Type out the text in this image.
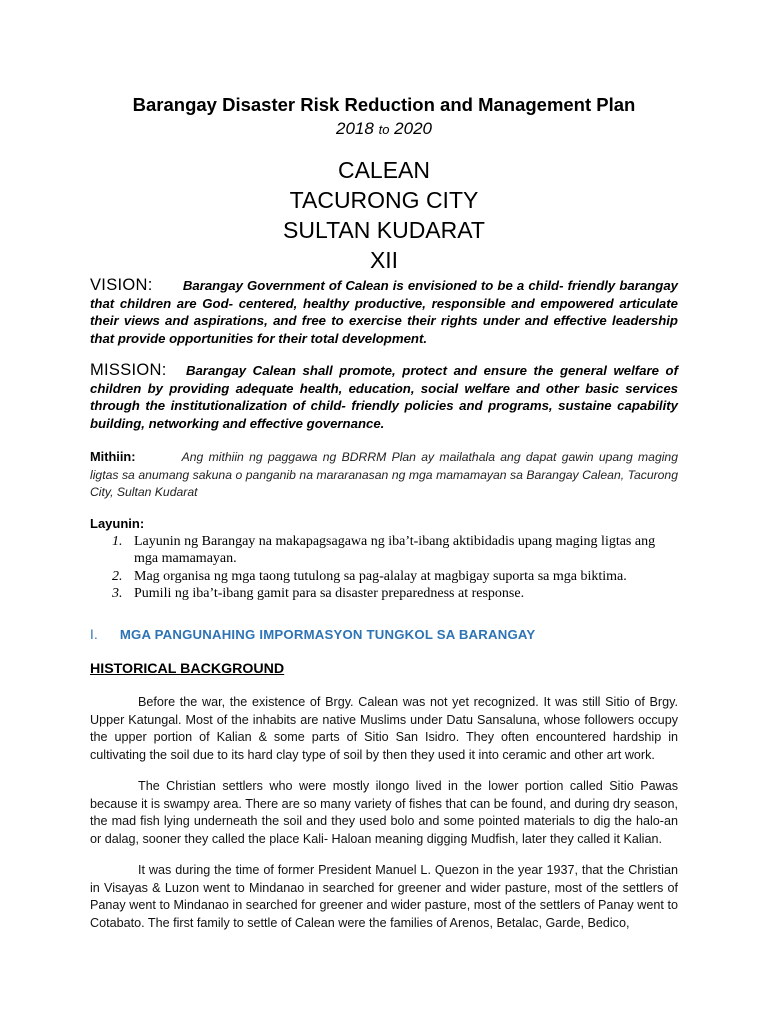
Barangay Disaster Risk Reduction and Management Plan
2018 to 2020
CALEAN
TACURONG CITY
SULTAN KUDARAT
XII
VISION: Barangay Government of Calean is envisioned to be a child- friendly barangay that children are God- centered, healthy productive, responsible and empowered articulate their views and aspirations, and free to exercise their rights under and effective leadership that provide opportunities for their total development.
MISSION: Barangay Calean shall promote, protect and ensure the general welfare of children by providing adequate health, education, social welfare and other basic services through the institutionalization of child- friendly policies and programs, sustaine capability building, networking and effective governance.
Mithiin:	Ang mithiin ng paggawa ng BDRRM Plan ay mailathala ang dapat gawin upang maging ligtas sa anumang sakuna o panganib na mararanasan ng mga mamamayan sa Barangay Calean, Tacurong City, Sultan Kudarat
Layunin:
1. Layunin ng Barangay na makapagsagawa ng iba’t-ibang aktibidadis upang maging ligtas ang mga mamamayan.
2. Mag organisa ng mga taong tutulong sa pag-alalay at magbigay suporta sa mga biktima.
3. Pumili ng iba’t-ibang gamit para sa disaster preparedness at response.
I. MGA PANGUNAHING IMPORMASYON TUNGKOL SA BARANGAY
HISTORICAL BACKGROUND
Before the war, the existence of Brgy. Calean was not yet recognized. It was still Sitio of Brgy. Upper Katungal. Most of the inhabits are native Muslims under Datu Sansaluna, whose followers occupy the upper portion of Kalian & some parts of Sitio San Isidro. They often encountered hardship in cultivating the soil due to its hard clay type of soil by then they used it into ceramic and other art work.
The Christian settlers who were mostly ilongo lived in the lower portion called Sitio Pawas because it is swampy area. There are so many variety of fishes that can be found, and during dry season, the mad fish lying underneath the soil and they used bolo and some pointed materials to dig the halo-an or dalag, sooner they called the place Kali- Haloan meaning digging Mudfish, later they called it Kalian.
It was during the time of former President Manuel L. Quezon in the year 1937, that the Christian in Visayas & Luzon went to Mindanao in searched for greener and wider pasture, most of the settlers of Panay went to Mindanao in searched for greener and wider pasture, most of the settlers of Panay went to Cotabato. The first family to settle of Calean were the families of Arenos, Betalac, Garde, Bedico,
